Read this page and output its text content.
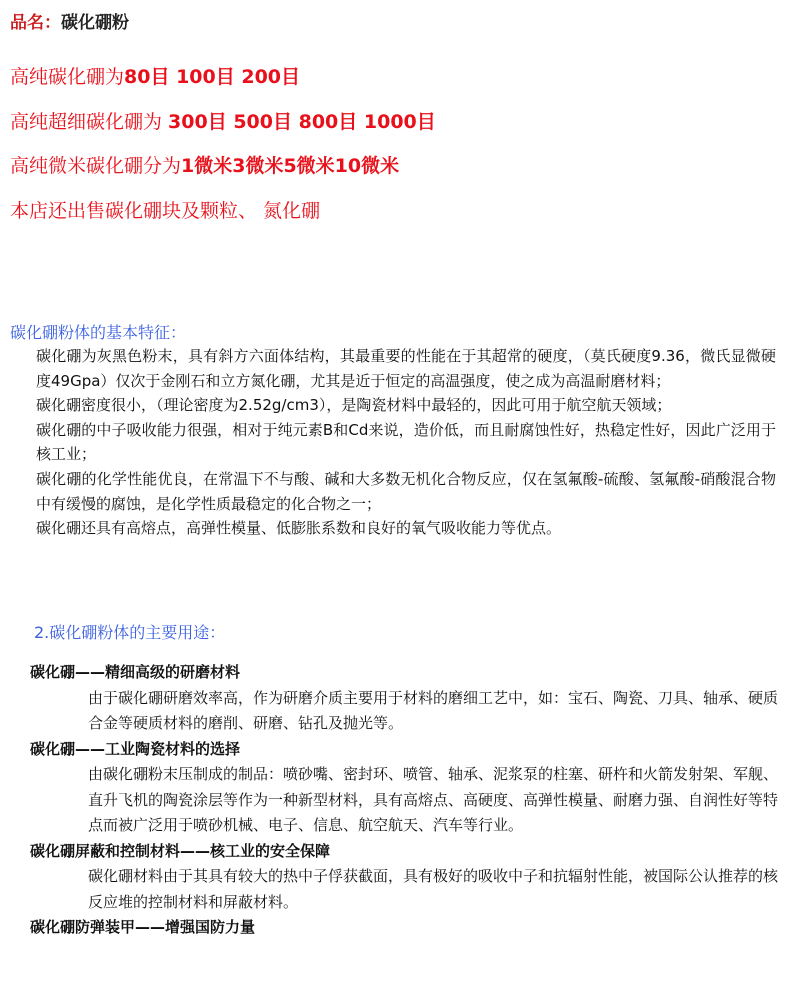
品名：碳化硼粉
高纯碳化硼为80目 100目 200目
高纯超细碳化硼为 300目 500目 800目 1000目
高纯微米碳化硼分为1微米3微米5微米10微米
本店还出售碳化硼块及颗粒、 氮化硼
碳化硼粉体的基本特征：

碳化硼为灰黑色粉末，具有斜方六面体结构，其最重要的性能在于其超常的硬度，（莫氏硬度9.36，微氏显微硬度49Gpa）仅次于金刚石和立方氮化硼，尤其是近于恒定的高温强度，使之成为高温耐磨材料；

碳化硼密度很小，（理论密度为2.52g/cm3），是陶瓷材料中最轻的，因此可用于航空航天领域；

碳化硼的中子吸收能力很强，相对于纯元素B和Cd来说，造价低，而且耐腐蚀性好，热稳定性好，因此广泛用于核工业；

碳化硼的化学性能优良，在常温下不与酸、碱和大多数无机化合物反应，仅在氢氟酸-硫酸、氢氟酸-硝酸混合物中有缓慢的腐蚀，是化学性质最稳定的化合物之一；

碳化硼还具有高熔点，高弹性模量、低膨胀系数和良好的氧气吸收能力等优点。

2.碳化硼粉体的主要用途：

碳化硼——精细高级的研磨材料

由于碳化硼研磨效率高，作为研磨介质主要用于材料的磨细工艺中，如：宝石、陶瓷、刀具、轴承、硬质合金等硬质材料的磨削、研磨、钻孔及抛光等。

碳化硼——工业陶瓷材料的选择

由碳化硼粉末压制成的制品：喷砂嘴、密封环、喷管、轴承、泥浆泵的柱塞、研杵和火箭发射架、军舰、直升飞机的陶瓷涂层等作为一种新型材料，具有高熔点、高硬度、高弹性模量、耐磨力强、自润性好等特点而被广泛用于喷砂机械、电子、信息、航空航天、汽车等行业。

碳化硼屏蔽和控制材料——核工业的安全保障

碳化硼材料由于其具有较大的热中子俘获截面，具有极好的吸收中子和抗辐射性能，被国际公认推荐的核反应堆的控制材料和屏蔽材料。

碳化硼防弹装甲——增强国防力量
